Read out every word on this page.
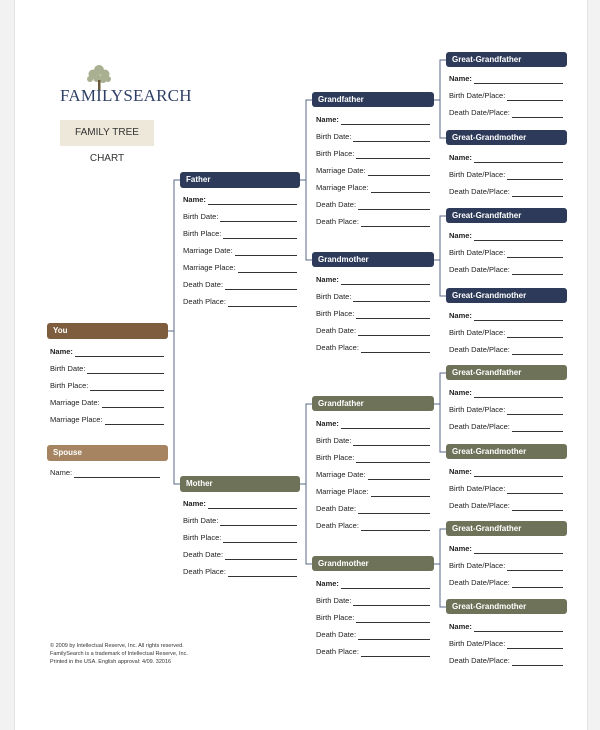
FAMILYSEARCH
FAMILY TREE CHART
You
Name:
Birth Date:
Birth Place:
Marriage Date:
Marriage Place:
Spouse
Name:
Father
Name:
Birth Date:
Birth Place:
Marriage Date:
Marriage Place:
Death Date:
Death Place:
Mother
Name:
Birth Date:
Birth Place:
Death Date:
Death Place:
Grandfather
Grandmother
Grandfather
Grandmother
Name:
Birth Date:
Birth Place:
Marriage Date:
Marriage Place:
Death Date:
Death Place:
Name:
Birth Date:
Birth Place:
Death Date:
Death Place:
Name:
Birth Date:
Birth Place:
Marriage Date:
Marriage Place:
Death Date:
Death Place:
Name:
Birth Date:
Birth Place:
Death Date:
Death Place:
Great-Grandfather
Great-Grandmother
Great-Grandfather
Great-Grandmother
Great-Grandfather
Great-Grandmother
Great-Grandfather
Great-Grandmother
Name:
Birth Date/Place:
Death Date/Place:
Name:
Birth Date/Place:
Death Date/Place:
Name:
Birth Date/Place:
Death Date/Place:
Name:
Birth Date/Place:
Death Date/Place:
Name:
Birth Date/Place:
Death Date/Place:
Name:
Birth Date/Place:
Death Date/Place:
Name:
Birth Date/Place:
Death Date/Place:
Name:
Birth Date/Place:
Death Date/Place:
© 2009 by Intellectual Reserve, Inc. All rights reserved.
FamilySearch is a trademark of Intellectual Reserve, Inc.
Printed in the USA. English approval: 4/09. 32016
